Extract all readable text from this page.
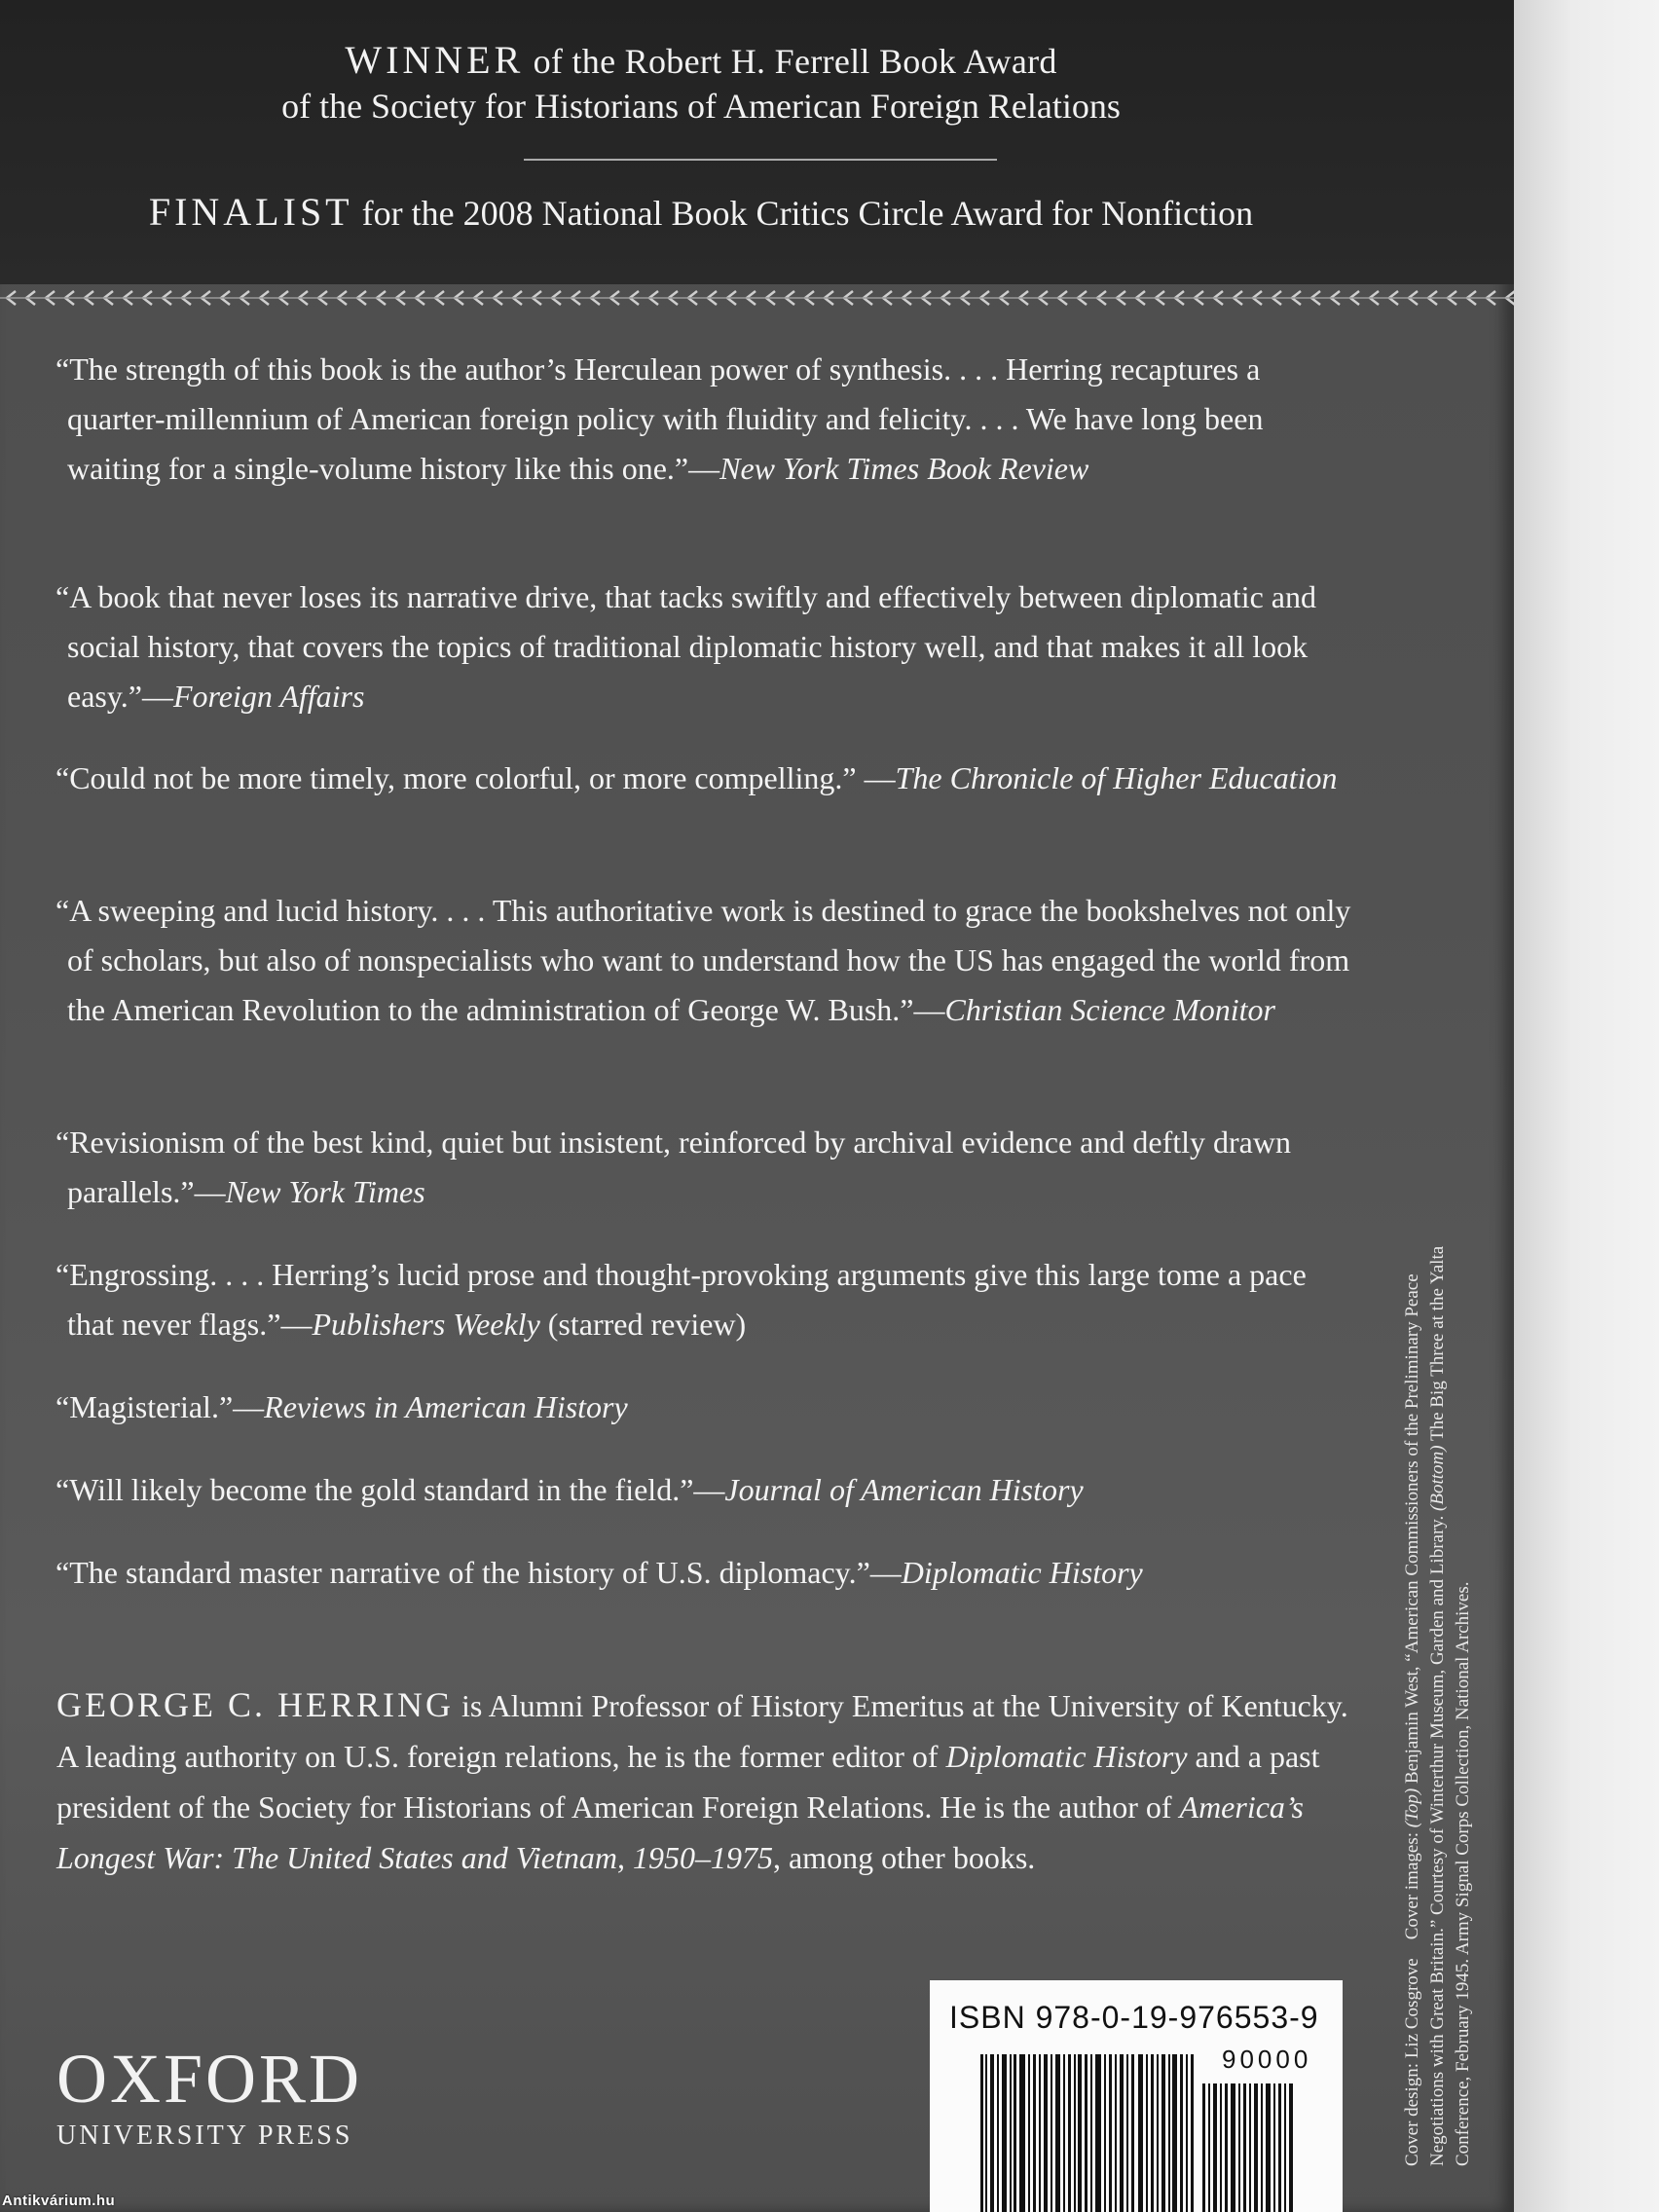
WINNER of the Robert H. Ferrell Book Award
of the Society for Historians of American Foreign Relations
FINALIST for the 2008 National Book Critics Circle Award for Nonfiction
“The strength of this book is the author’s Herculean power of synthesis. . . . Herring recaptures a quarter-millennium of American foreign policy with fluidity and felicity. . . . We have long been waiting for a single-volume history like this one.”—New York Times Book Review
“A book that never loses its narrative drive, that tacks swiftly and effectively between diplomatic and social history, that covers the topics of traditional diplomatic history well, and that makes it all look easy.”—Foreign Affairs
“Could not be more timely, more colorful, or more compelling.” —The Chronicle of Higher Education
“A sweeping and lucid history. . . . This authoritative work is destined to grace the bookshelves not only of scholars, but also of nonspecialists who want to understand how the US has engaged the world from the American Revolution to the administration of George W. Bush.”—Christian Science Monitor
“Revisionism of the best kind, quiet but insistent, reinforced by archival evidence and deftly drawn parallels.”—New York Times
“Engrossing. . . . Herring’s lucid prose and thought-provoking arguments give this large tome a pace that never flags.”—Publishers Weekly (starred review)
“Magisterial.”—Reviews in American History
“Will likely become the gold standard in the field.”—Journal of American History
“The standard master narrative of the history of U.S. diplomacy.”—Diplomatic History
GEORGE C. HERRING is Alumni Professor of History Emeritus at the University of Kentucky. A leading authority on U.S. foreign relations, he is the former editor of Diplomatic History and a past president of the Society for Historians of American Foreign Relations. He is the author of America’s Longest War: The United States and Vietnam, 1950–1975, among other books.
OXFORD
UNIVERSITY PRESS
ISBN 978-0-19-976553-9
90000	Cover design: Liz Cosgrove    Cover images: (Top) Benjamin West, “American Commissioners of the Preliminary Peace Negotiations with Great Britain.” Courtesy of Winterthur Museum, Garden and Library. (Bottom) The Big Three at the Yalta Conference, February 1945. Army Signal Corps Collection, National Archives.
Antikvárium.hu
